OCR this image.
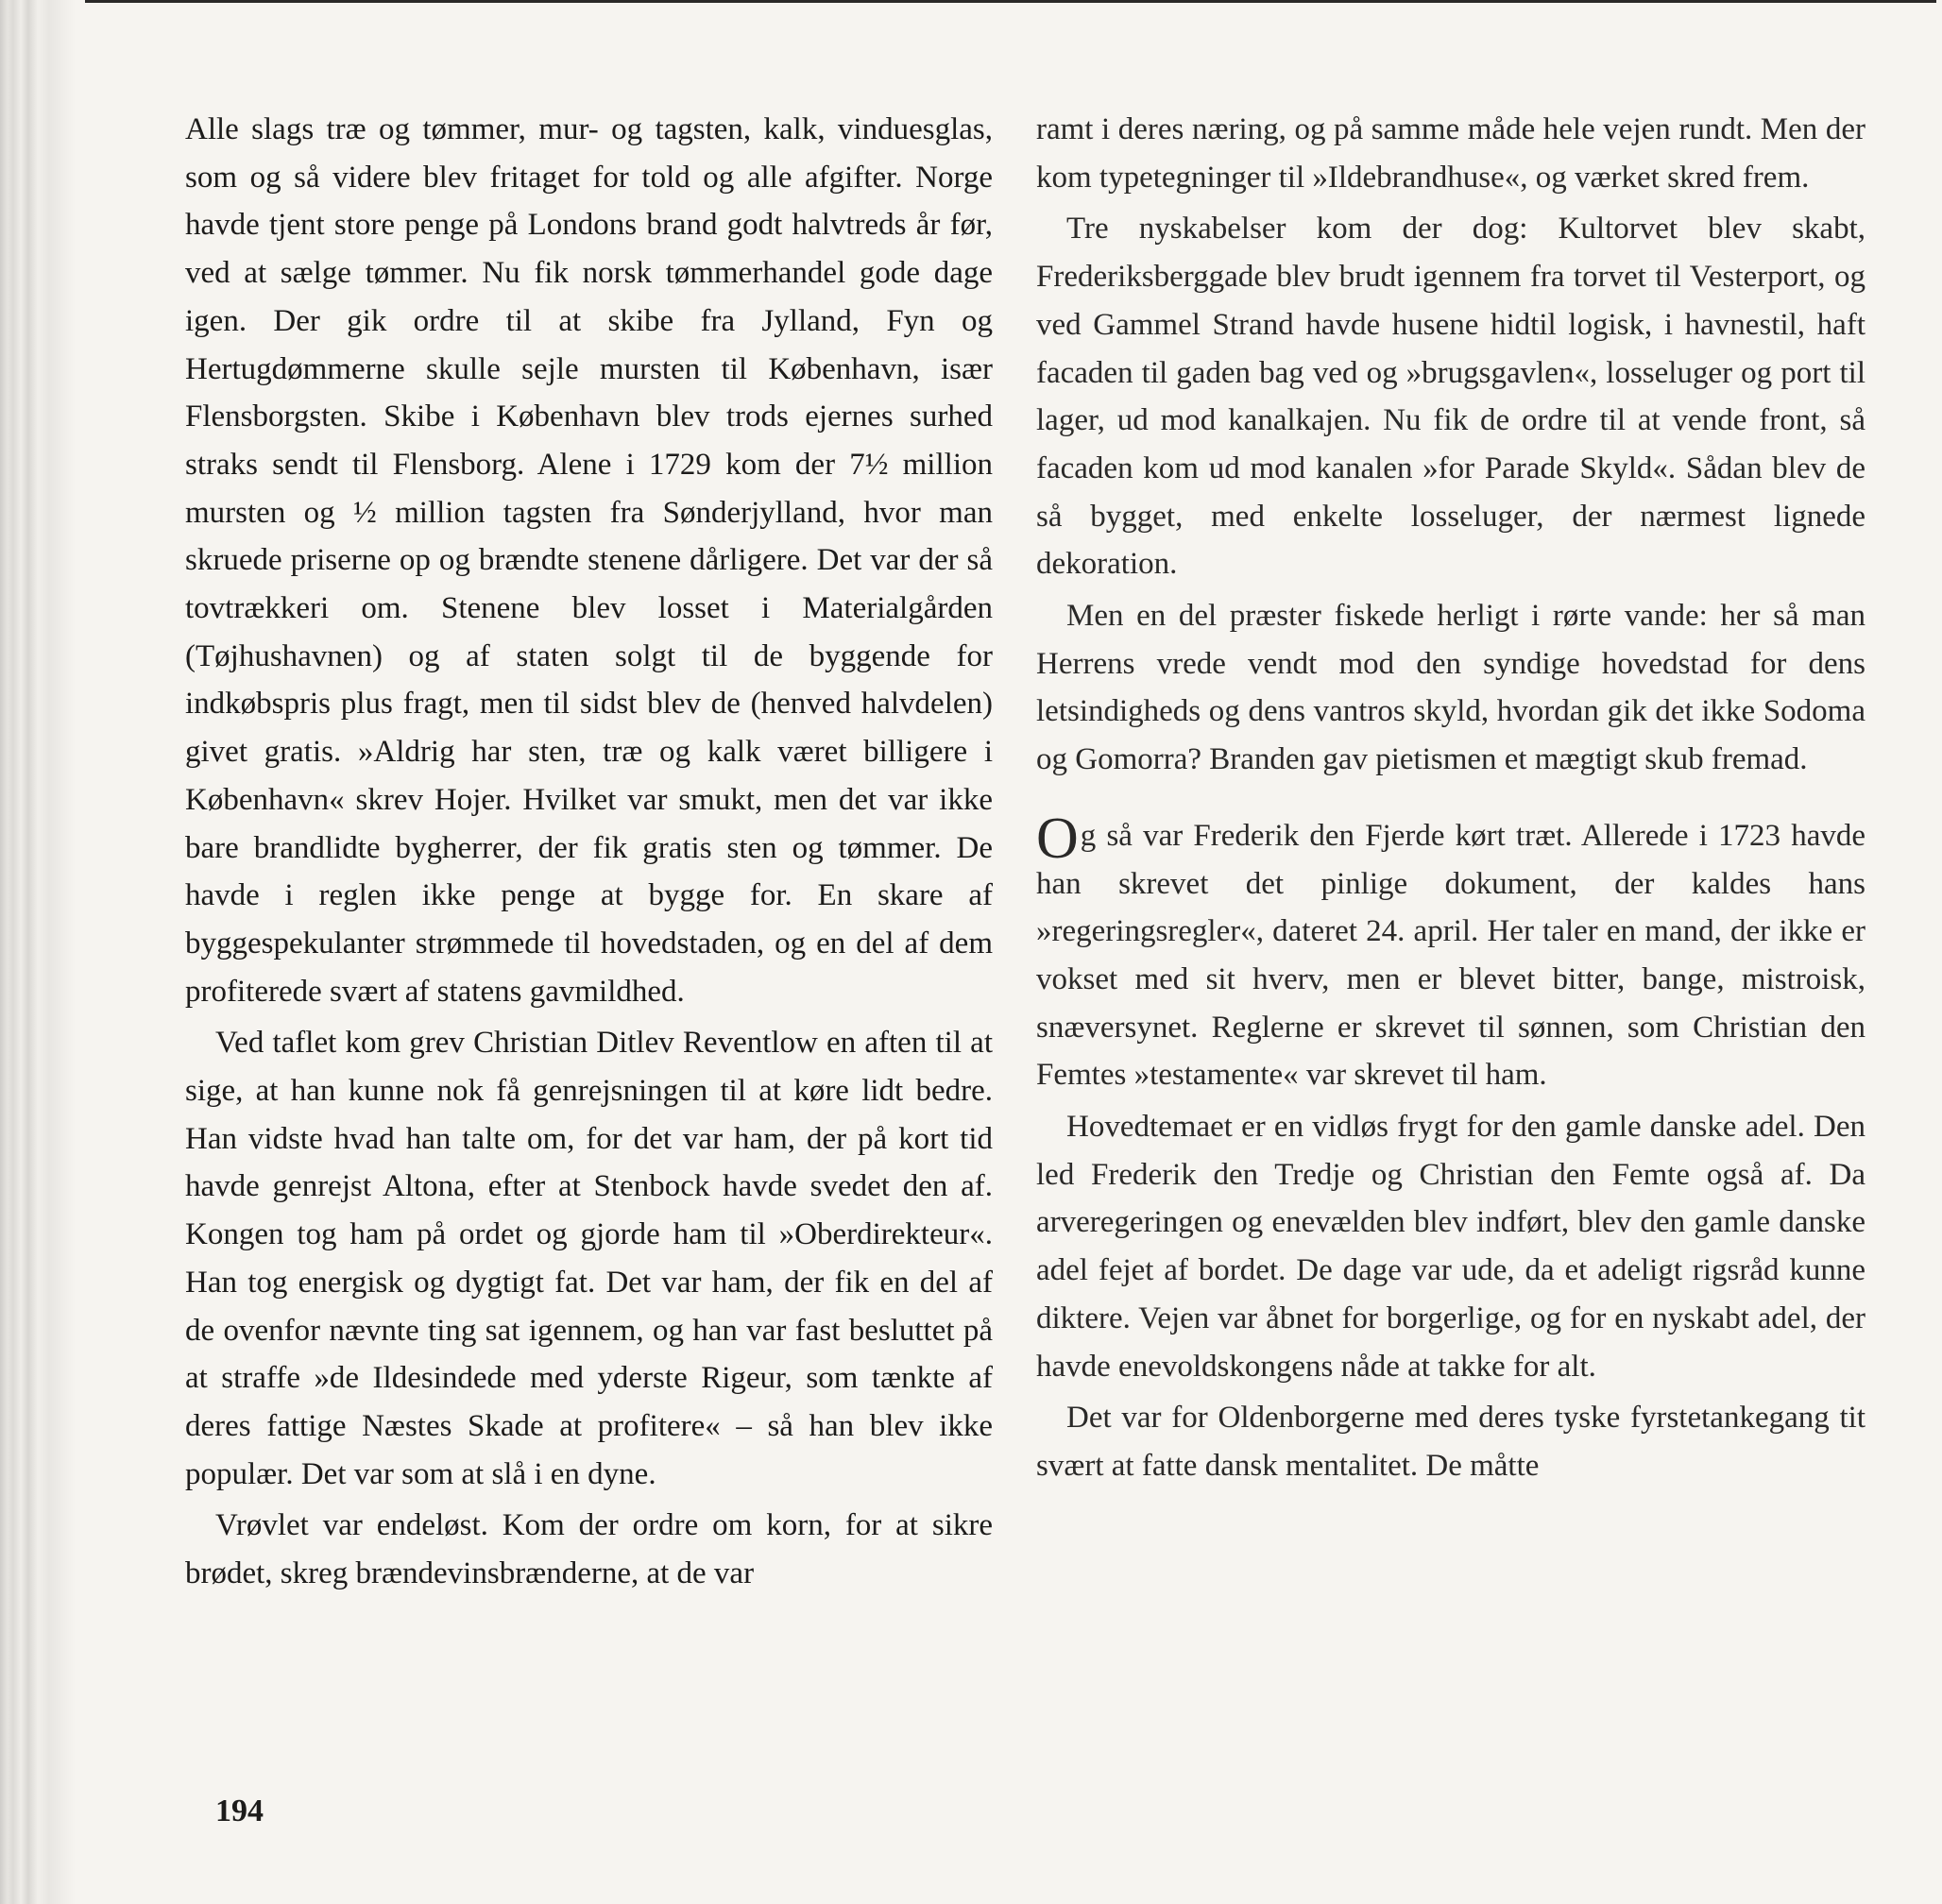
Alle slags træ og tømmer, mur- og tagsten, kalk, vinduesglas, som og så videre blev fritaget for told og alle afgifter. Norge havde tjent store penge på Londons brand godt halvtreds år før, ved at sælge tømmer. Nu fik norsk tømmerhandel gode dage igen. Der gik ordre til at skibe fra Jylland, Fyn og Hertugdømmerne skulle sejle mursten til København, især Flensborgsten. Skibe i København blev trods ejernes surhed straks sendt til Flensborg. Alene i 1729 kom der 7½ million mursten og ½ million tagsten fra Sønderjylland, hvor man skruede priserne op og brændte stenene dårligere. Det var der så tovtrækkeri om. Stenene blev losset i Materialgården (Tøjhushavnen) og af staten solgt til de byggende for indkøbspris plus fragt, men til sidst blev de (henved halvdelen) givet gratis. »Aldrig har sten, træ og kalk været billigere i København« skrev Hojer. Hvilket var smukt, men det var ikke bare brandlidte bygherrer, der fik gratis sten og tømmer. De havde i reglen ikke penge at bygge for. En skare af byggespekulanter strømmede til hovedstaden, og en del af dem profiterede svært af statens gavmildhed.

Ved taflet kom grev Christian Ditlev Reventlow en aften til at sige, at han kunne nok få genrejsningen til at køre lidt bedre. Han vidste hvad han talte om, for det var ham, der på kort tid havde genrejst Altona, efter at Stenbock havde svedet den af. Kongen tog ham på ordet og gjorde ham til »Oberdirekteur«. Han tog energisk og dygtigt fat. Det var ham, der fik en del af de ovenfor nævnte ting sat igennem, og han var fast besluttet på at straffe »de Ildesindede med yderste Rigeur, som tænkte af deres fattige Næstes Skade at profitere« – så han blev ikke populær. Det var som at slå i en dyne.

Vrøvlet var endeløst. Kom der ordre om korn, for at sikre brødet, skreg brændevinsbrænderne, at de var

ramt i deres næring, og på samme måde hele vejen rundt. Men der kom typetegninger til »Ildebrandhuse«, og værket skred frem.

Tre nyskabelser kom der dog: Kultorvet blev skabt, Frederiksberggade blev brudt igennem fra torvet til Vesterport, og ved Gammel Strand havde husene hidtil logisk, i havnestil, haft facaden til gaden bag ved og »brugsgavlen«, losseluger og port til lager, ud mod kanalkajen. Nu fik de ordre til at vende front, så facaden kom ud mod kanalen »for Parade Skyld«. Sådan blev de så bygget, med enkelte losseluger, der nærmest lignede dekoration.

Men en del præster fiskede herligt i rørte vande: her så man Herrens vrede vendt mod den syndige hovedstad for dens letsindigheds og dens vantros skyld, hvordan gik det ikke Sodoma og Gomorra? Branden gav pietismen et mægtigt skub fremad.

Og så var Frederik den Fjerde kørt træt. Allerede i 1723 havde han skrevet det pinlige dokument, der kaldes hans »regeringsregler«, dateret 24. april. Her taler en mand, der ikke er vokset med sit hverv, men er blevet bitter, bange, mistroisk, snæversynet. Reglerne er skrevet til sønnen, som Christian den Femtes »testamente« var skrevet til ham.

Hovedtemaet er en vidløs frygt for den gamle danske adel. Den led Frederik den Tredje og Christian den Femte også af. Da arveregeringen og enevælden blev indført, blev den gamle danske adel fejet af bordet. De dage var ude, da et adeligt rigsråd kunne diktere. Vejen var åbnet for borgerlige, og for en nyskabt adel, der havde enevoldskongens nåde at takke for alt.

Det var for Oldenborgerne med deres tyske fyrstetankegang tit svært at fatte dansk mentalitet. De måtte

194
